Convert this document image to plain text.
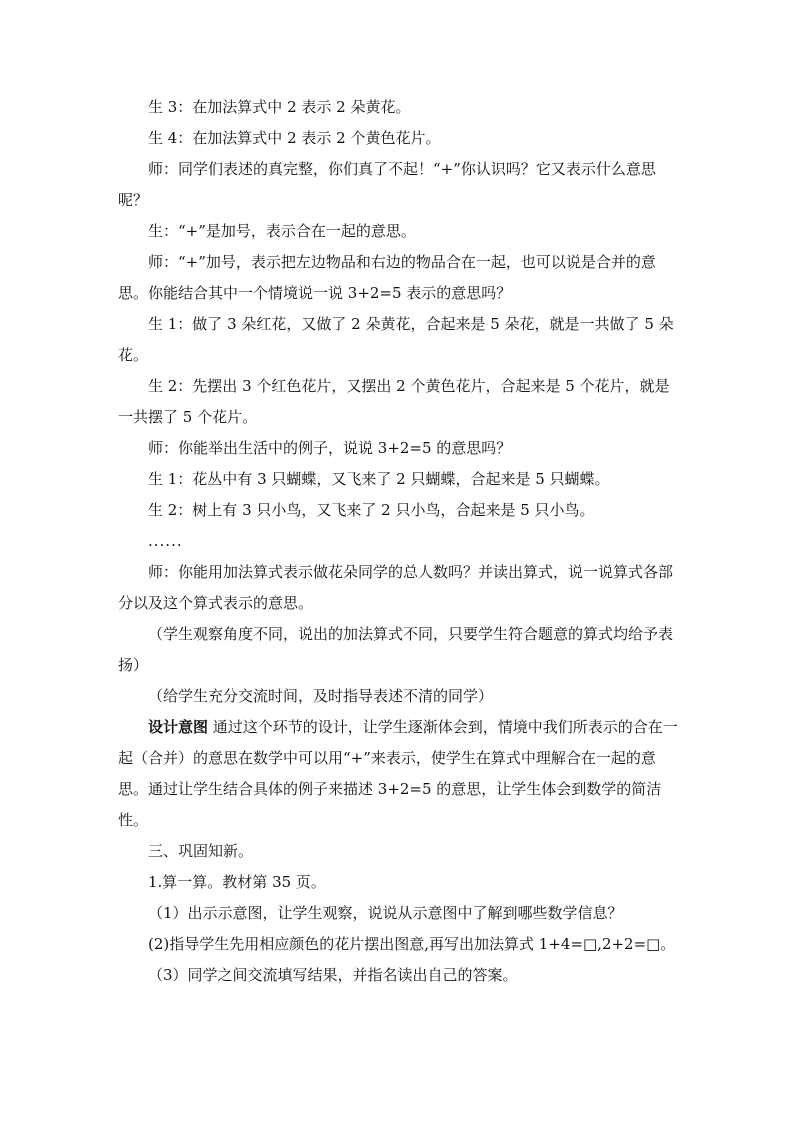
生 3：在加法算式中 2 表示 2 朵黄花。

生 4：在加法算式中 2 表示 2 个黄色花片。

师：同学们表述的真完整，你们真了不起！“+”你认识吗？它又表示什么意思呢？

生：“+”是加号，表示合在一起的意思。

师：“+”加号，表示把左边物品和右边的物品合在一起，也可以说是合并的意思。你能结合其中一个情境说一说 3+2=5 表示的意思吗？

生 1：做了 3 朵红花，又做了 2 朵黄花，合起来是 5 朵花，就是一共做了 5 朵花。

生 2：先摆出 3 个红色花片，又摆出 2 个黄色花片，合起来是 5 个花片，就是一共摆了 5 个花片。

师：你能举出生活中的例子，说说 3+2=5 的意思吗？

生 1：花丛中有 3 只蝴蝶，又飞来了 2 只蝴蝶，合起来是 5 只蝴蝶。

生 2：树上有 3 只小鸟，又飞来了 2 只小鸟，合起来是 5 只小鸟。

......

师：你能用加法算式表示做花朵同学的总人数吗？并读出算式，说一说算式各部分以及这个算式表示的意思。

（学生观察角度不同，说出的加法算式不同，只要学生符合题意的算式均给予表扬）

（给学生充分交流时间，及时指导表述不清的同学）

设计意图 通过这个环节的设计，让学生逐渐体会到，情境中我们所表示的合在一起（合并）的意思在数学中可以用“+”来表示，使学生在算式中理解合在一起的意思。通过让学生结合具体的例子来描述 3+2=5 的意思，让学生体会到数学的简洁性。

三、巩固知新。

1.算一算。教材第 35 页。

（1）出示示意图，让学生观察，说说从示意图中了解到哪些数学信息？

(2)指导学生先用相应颜色的花片摆出图意,再写出加法算式 1+4=□,2+2=□。

（3）同学之间交流填写结果，并指名读出自己的答案。
